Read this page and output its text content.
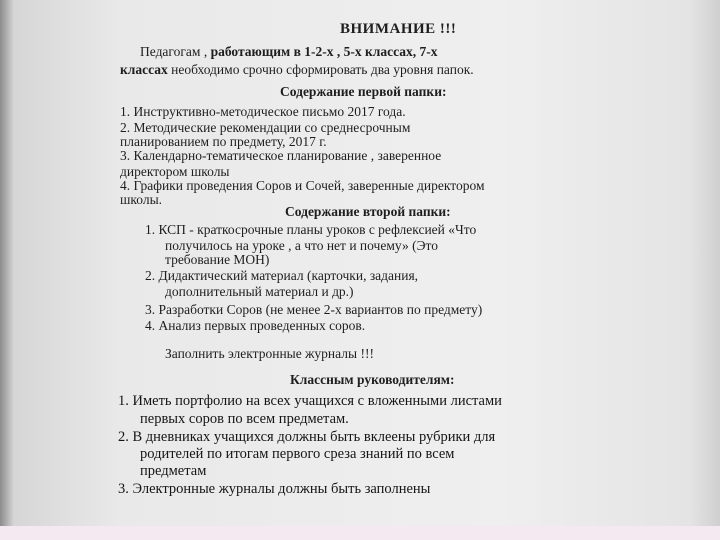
ВНИМАНИЕ !!!
Педагогам , работающим в 1-2-х , 5-х классах, 7-х
классах необходимо срочно сформировать два уровня папок.
Содержание первой папки:
1. Инструктивно-методическое письмо 2017 года.
2. Методические рекомендации со среднесрочным
планированием по предмету, 2017 г.
3. Календарно-тематическое планирование , заверенное
директором школы
4. Графики проведения Соров и Сочей, заверенные директором
школы.
Содержание второй папки:
1. КСП - краткосрочные планы уроков с рефлексией «Что
получилось на уроке , а что нет и почему» (Это
требование МОН)
2. Дидактический материал (карточки, задания,
дополнительный материал и др.)
3. Разработки Соров (не менее 2-х вариантов по предмету)
4. Анализ первых проведенных соров.
Заполнить электронные журналы !!!
Классным руководителям:
1. Иметь портфолио на всех учащихся с вложенными листами
первых соров по всем предметам.
2. В дневниках учащихся должны быть вклеены рубрики для
родителей по итогам первого среза знаний по всем
предметам
3. Электронные журналы должны быть заполнены
